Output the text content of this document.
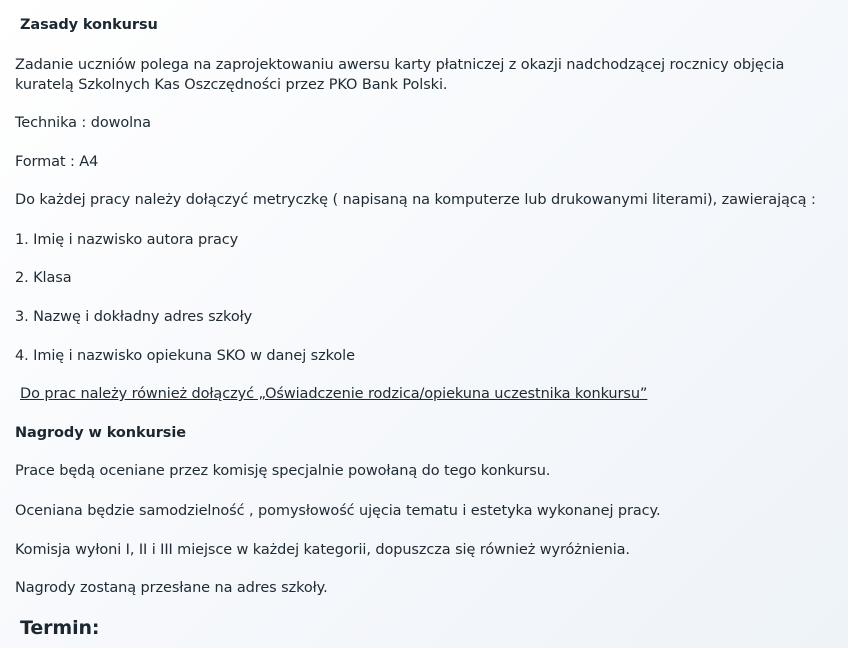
Zasady konkursu
Zadanie uczniów polega na zaprojektowaniu awersu karty płatniczej z okazji nadchodzącej rocznicy objęcia
kuratelą Szkolnych Kas Oszczędności przez PKO Bank Polski.
Technika : dowolna
Format : A4
Do każdej pracy należy dołączyć metryczkę ( napisaną na komputerze lub drukowanymi literami), zawierającą :
1. Imię i nazwisko autora pracy
2. Klasa
3. Nazwę i dokładny adres szkoły
4. Imię i nazwisko opiekuna SKO w danej szkole
Do prac należy również dołączyć „Oświadczenie rodzica/opiekuna uczestnika konkursu”
Nagrody w konkursie
Prace będą oceniane przez komisję specjalnie powołaną do tego konkursu.
Oceniana będzie samodzielność , pomysłowość ujęcia tematu i estetyka wykonanej pracy.
Komisja wyłoni I, II i III miejsce w każdej kategorii, dopuszcza się również wyróżnienia.
Nagrody zostaną przesłane na adres szkoły.
Termin:
